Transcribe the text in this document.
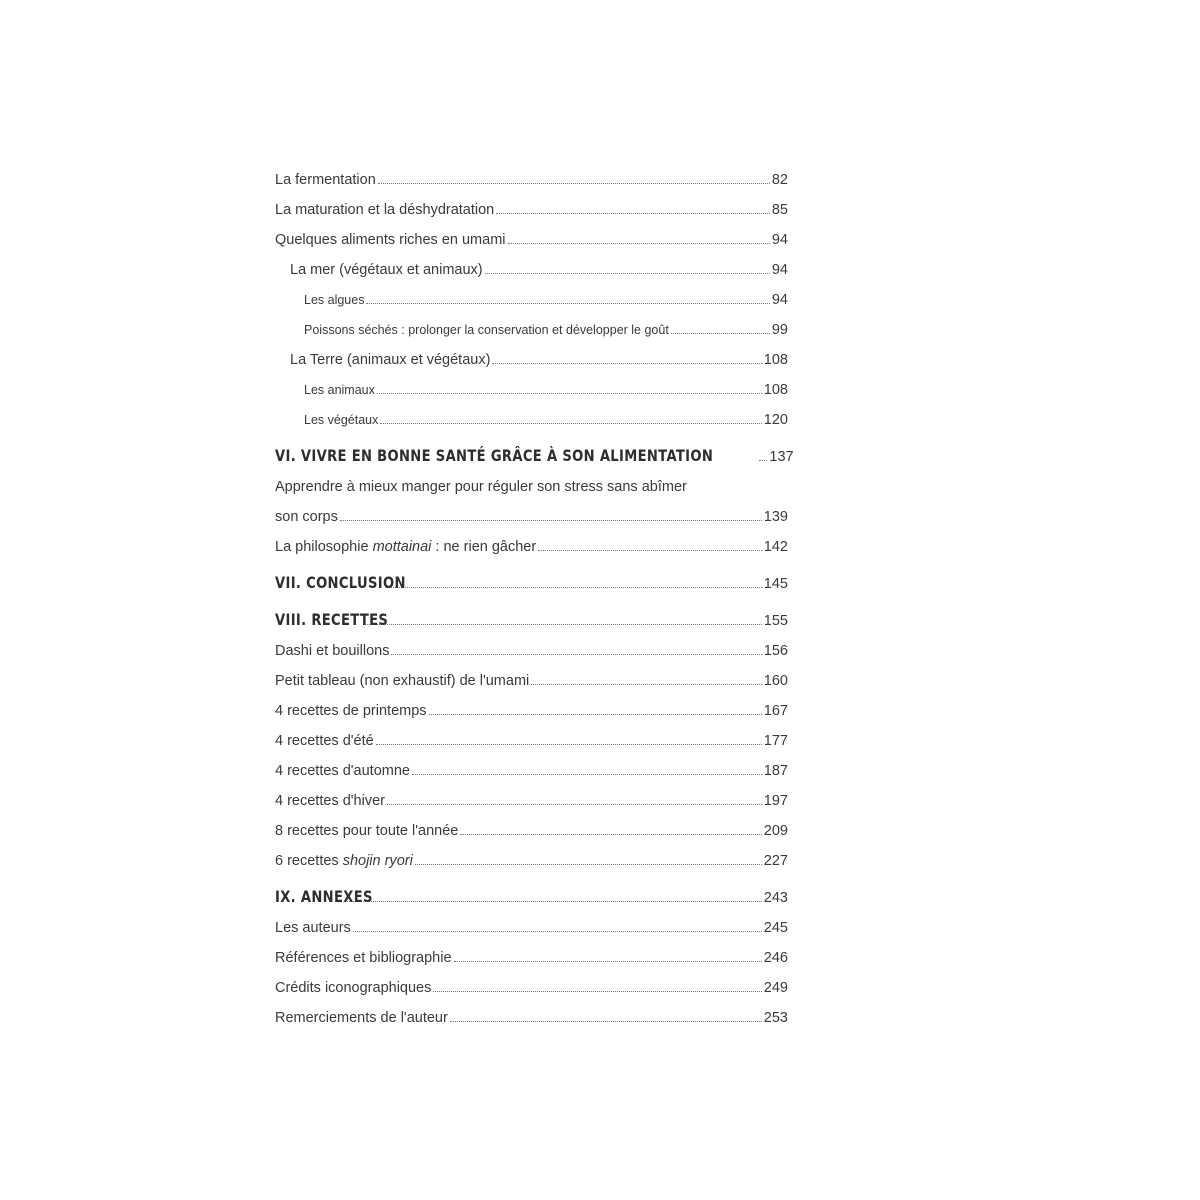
La fermentation	82
La maturation et la déshydratation	85
Quelques aliments riches en umami	94
La mer (végétaux et animaux)	94
Les algues	94
Poissons séchés : prolonger la conservation et développer le goût	99
La Terre (animaux et végétaux)	108
Les animaux	108
Les végétaux	120
VI. VIVRE EN BONNE SANTÉ GRÂCE À SON ALIMENTATION	137
Apprendre à mieux manger pour réguler son stress sans abîmer
son corps	139
La philosophie mottainai : ne rien gâcher	142
VII. CONCLUSION	145
VIII. RECETTES	155
Dashi et bouillons	156
Petit tableau (non exhaustif) de l'umami	160
4 recettes de printemps	167
4 recettes d'été	177
4 recettes d'automne	187
4 recettes d'hiver	197
8 recettes pour toute l'année	209
6 recettes shojin ryori	227
IX. ANNEXES	243
Les auteurs	245
Références et bibliographie	246
Crédits iconographiques	249
Remerciements de l'auteur	253
